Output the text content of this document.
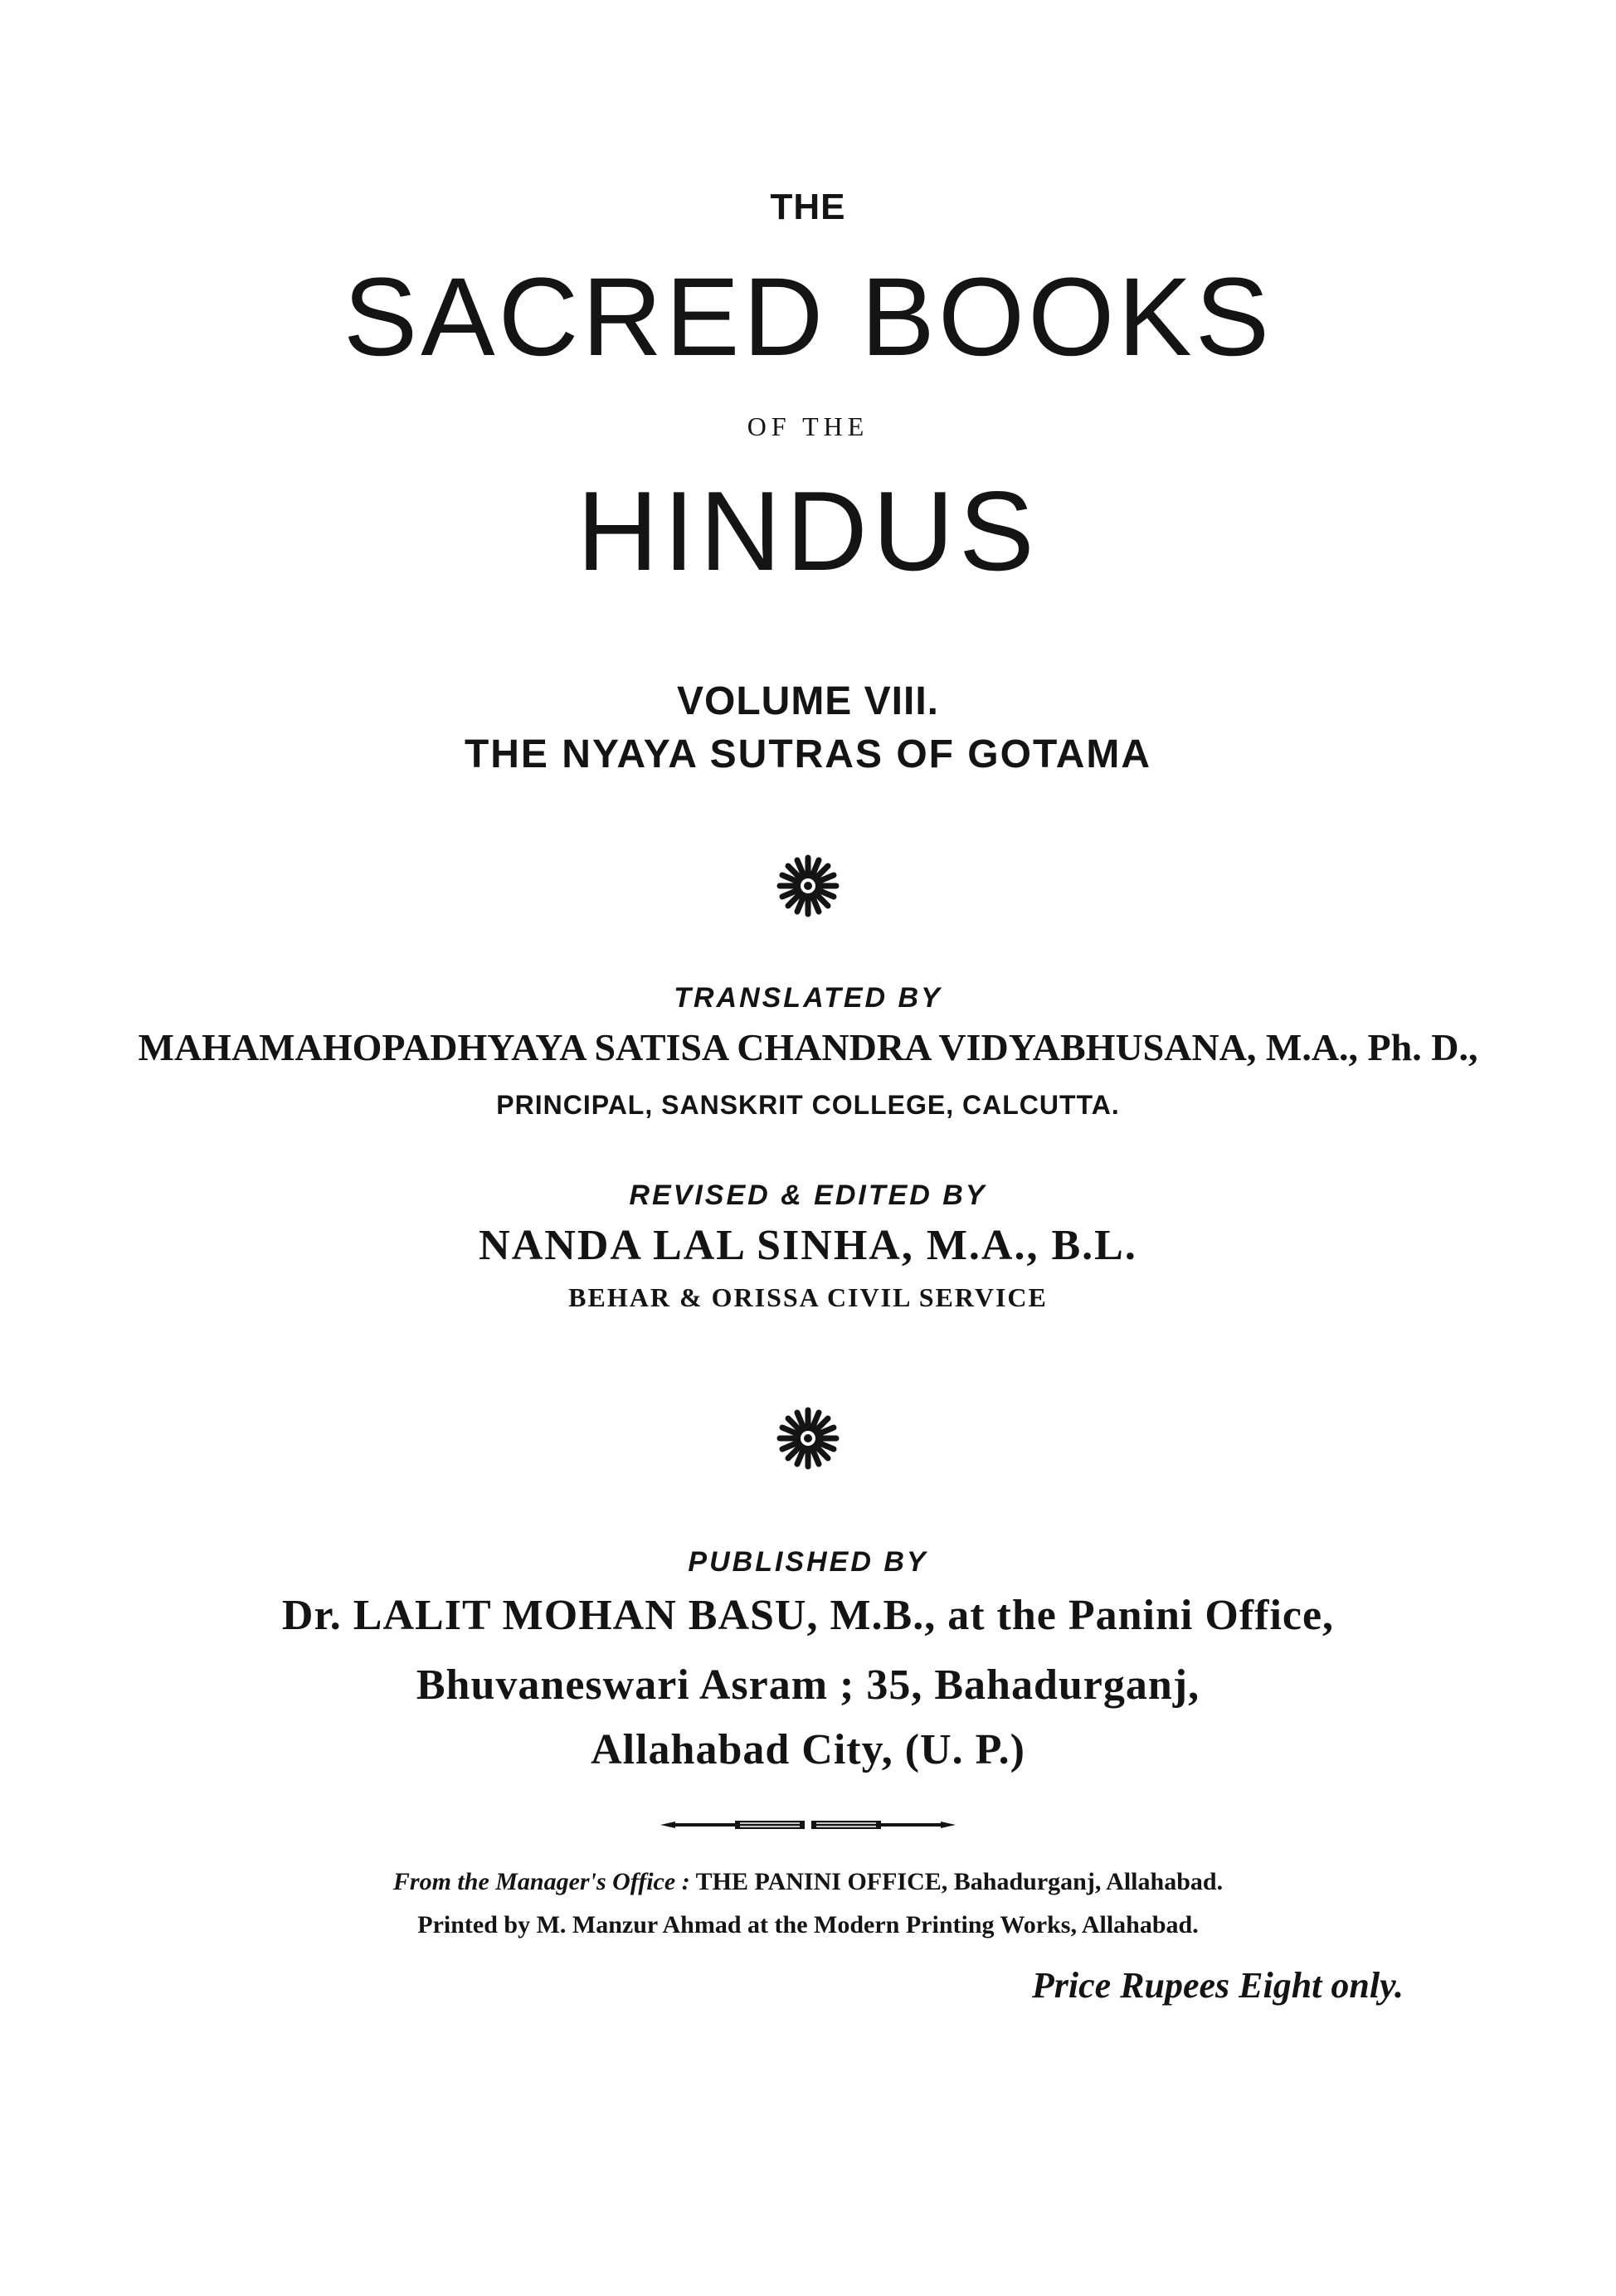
THE
SACRED BOOKS
OF THE
HINDUS
VOLUME VIII.
THE NYAYA SUTRAS OF GOTAMA
TRANSLATED BY
MAHAMAHOPADHYAYA SATISA CHANDRA VIDYABHUSANA, M.A., Ph. D.,
PRINCIPAL, SANSKRIT COLLEGE, CALCUTTA.
REVISED & EDITED BY
NANDA LAL SINHA, M.A., B.L.
BEHAR & ORISSA CIVIL SERVICE
PUBLISHED BY
Dr. LALIT MOHAN BASU, M.B., at the Panini Office,
Bhuvaneswari Asram ; 35, Bahadurganj,
Allahabad City, (U. P.)
From the Manager's Office : THE PANINI OFFICE, Bahadurganj, Allahabad.
Printed by M. Manzur Ahmad at the Modern Printing Works, Allahabad.
Price Rupees Eight only.
